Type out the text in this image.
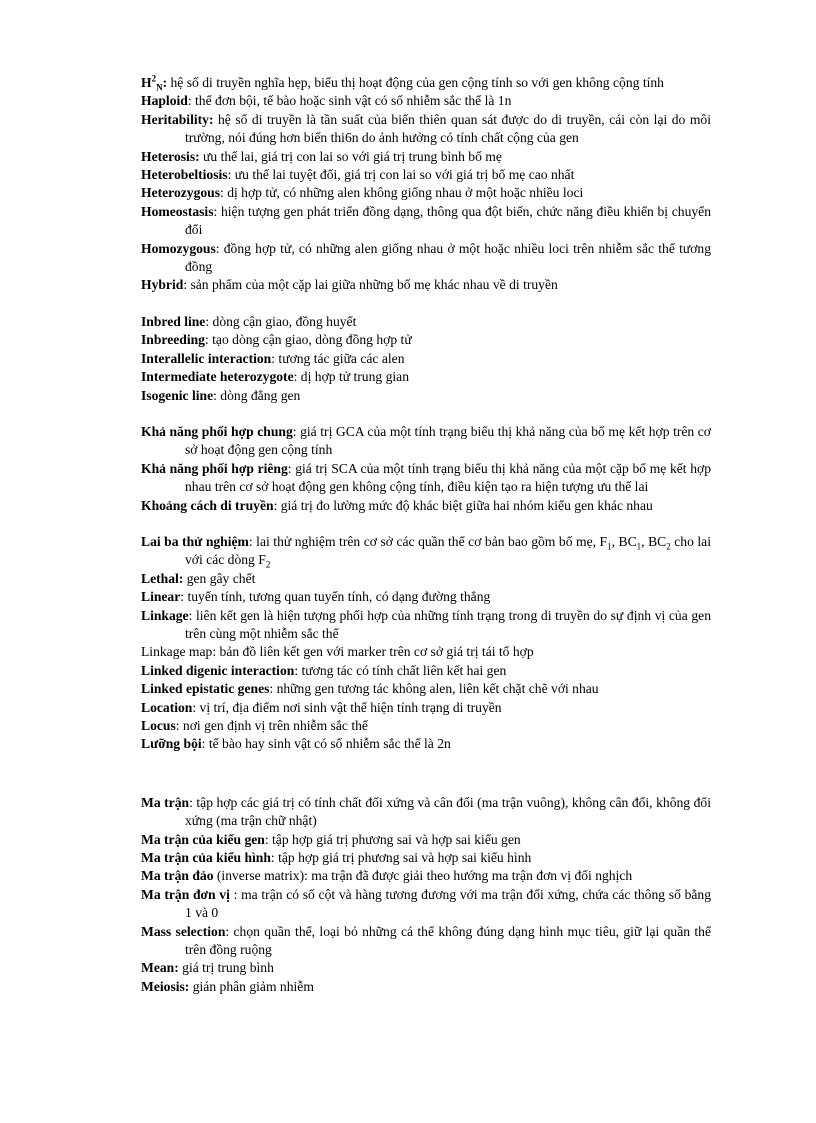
$H^2_N$: hệ số di truyền nghĩa hẹp, biểu thị hoạt động của gen cộng tính so với gen không cộng tính

Haploid: thể đơn bội, tế bào hoặc sinh vật có số nhiễm sắc thể là 1n

Heritability: hệ số di truyền là tần suất của biến thiên quan sát được do di truyền, cái còn lại do môi trường, nói đúng hơn biến thi6n do ảnh hưởng có tính chất cộng của gen

Heterosis: ưu thế lai, giá trị con lai so với giá trị trung bình bố mẹ

Heterobeltiosis: ưu thế lai tuyệt đối, giá trị con lai so với giá trị bố mẹ cao nhất

Heterozygous: dị hợp tử, có những alen không giống nhau ở một hoặc nhiều loci

Homeostasis: hiện tượng gen phát triển đồng dạng, thông qua đột biến, chức năng điều khiển bị chuyển đổi

Homozygous: đồng hợp tử, có những alen giống nhau ở một hoặc nhiều loci trên nhiễm sắc thể tương đồng

Hybrid: sản phẩm của một cặp lai giữa những bố mẹ khác nhau về di truyền

Inbred line: dòng cận giao, đồng huyết

Inbreeding: tạo dòng cận giao, dòng đồng hợp tử

Interallelic interaction: tương tác giữa các alen

Intermediate heterozygote: dị hợp tử trung gian

Isogenic line: dòng đẳng gen

Khả năng phối hợp chung: giá trị GCA của một tính trạng biểu thị khả năng của bố mẹ kết hợp trên cơ sở hoạt động gen cộng tính

Khả năng phối hợp riêng: giá trị SCA của một tính trạng biểu thị khả năng của một cặp bố mẹ kết hợp nhau trên cơ sở hoạt động gen không cộng tính, điều kiện tạo ra hiện tượng ưu thế lai

Khoảng cách di truyền: giá trị đo lường mức độ khác biệt giữa hai nhóm kiểu gen khác nhau

Lai ba thử nghiệm: lai thử nghiệm trên cơ sở các quần thể cơ bản bao gồm bố mẹ, $F_1$, $BC_1$, $BC_2$ cho lai với các dòng $F_2$

Lethal: gen gây chết

Linear: tuyến tính, tương quan tuyến tính, có dạng đường thẳng

Linkage: liên kết gen là hiện tượng phối hợp của những tính trạng trong di truyền do sự định vị của gen trên cùng một nhiễm sắc thể

Linkage map: bản đồ liên kết gen với marker trên cơ sở giá trị tái tổ hợp

Linked digenic interaction: tương tác có tính chất liên kết hai gen

Linked epistatic genes: những gen tương tác không alen, liên kết chặt chẽ với nhau

Location: vị trí, địa điểm nơi sinh vật thể hiện tính trạng di truyền

Locus: nơi gen định vị trên nhiễm sắc thể

Lưỡng bội: tế bào hay sinh vật có số nhiễm sắc thể là 2n

Ma trận: tập hợp các giá trị có tính chất đối xứng và cân đối (ma trận vuông), không cân đối, không đối xứng (ma trận chữ nhật)

Ma trận của kiểu gen: tập hợp giá trị phương sai và hợp sai kiểu gen

Ma trận của kiểu hình: tập hợp giá trị phương sai và hợp sai kiểu hình

Ma trận đảo (inverse matrix): ma trận đã được giải theo hướng ma trận đơn vị đối nghịch

Ma trận đơn vị : ma trận có số cột và hàng tương đương với ma trận đối xứng, chứa các thông số bằng 1 và 0

Mass selection: chọn quần thể, loại bỏ những cá thể không đúng dạng hình mục tiêu, giữ lại quần thể trên đồng ruộng

Mean: giá trị trung bình

Meiosis: gián phân giảm nhiễm
